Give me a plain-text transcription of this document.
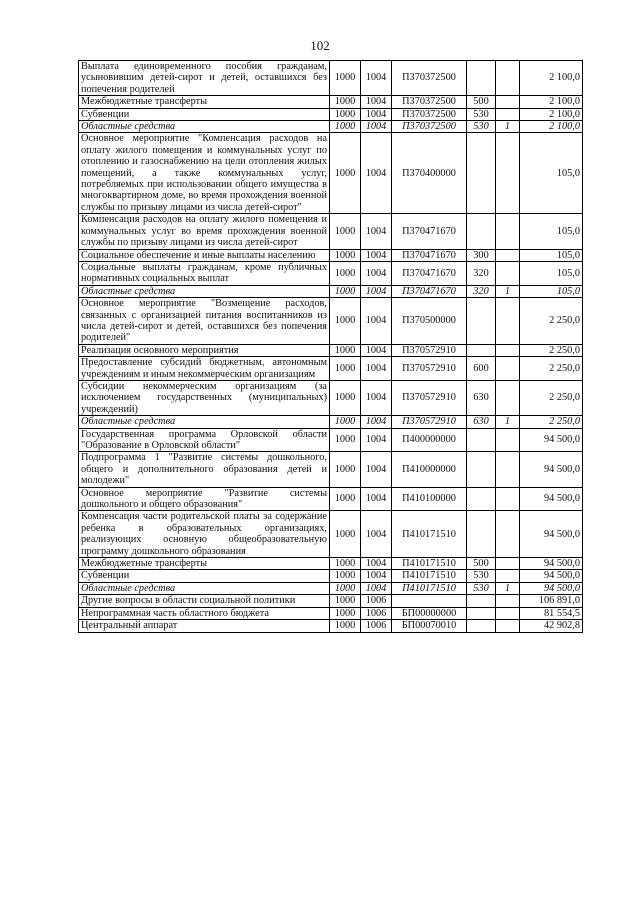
102
Выплата единовременного пособия гражданам, усыновившим детей-сирот и детей, оставшихся без попечения родителей	1000	1004	П370372500			2 100,0
Межбюджетные трансферты	1000	1004	П370372500	500		2 100,0
Субвенции	1000	1004	П370372500	530		2 100,0
Областные средства	1000	1004	П370372500	530	1	2 100,0
Основное мероприятие "Компенсация расходов на оплату жилого помещения и коммунальных услуг по отоплению и газоснабжению на цели отопления жилых помещений, а также коммунальных услуг, потребляемых при использовании общего имущества в многоквартирном доме, во время прохождения военной службы по призыву лицами из числа детей-сирот"	1000	1004	П370400000			105,0
Компенсация расходов на оплату жилого помещения и коммунальных услуг во время прохождения военной службы по призыву лицами из числа детей-сирот	1000	1004	П370471670			105,0
Социальное обеспечение и иные выплаты населению	1000	1004	П370471670	300		105,0
Социальные выплаты гражданам, кроме публичных нормативных социальных выплат	1000	1004	П370471670	320		105,0
Областные средства	1000	1004	П370471670	320	1	105,0
Основное мероприятие "Возмещение расходов, связанных с организацией питания воспитанников из числа детей-сирот и детей, оставшихся без попечения родителей"	1000	1004	П370500000			2 250,0
Реализация основного мероприятия	1000	1004	П370572910			2 250,0
Предоставление субсидий бюджетным, автономным учреждениям и иным некоммерческим организациям	1000	1004	П370572910	600		2 250,0
Субсидии некоммерческим организациям (за исключением государственных (муниципальных) учреждений)	1000	1004	П370572910	630		2 250,0
Областные средства	1000	1004	П370572910	630	1	2 250,0
Государственная программа Орловской области "Образование в Орловской области"	1000	1004	П400000000			94 500,0
Подпрограмма 1 "Развитие системы дошкольного, общего и дополнительного образования детей и молодежи"	1000	1004	П410000000			94 500,0
Основное мероприятие "Развитие системы дошкольного и общего образования"	1000	1004	П410100000			94 500,0
Компенсация части родительской платы за содержание ребенка в образовательных организациях, реализующих основную общеобразовательную программу дошкольного образования	1000	1004	П410171510			94 500,0
Межбюджетные трансферты	1000	1004	П410171510	500		94 500,0
Субвенции	1000	1004	П410171510	530		94 500,0
Областные средства	1000	1004	П410171510	530	1	94 500,0
Другие вопросы в области социальной политики	1000	1006				106 891,0
Непрограммная часть областного бюджета	1000	1006	БП00000000			81 554,5
Центральный аппарат	1000	1006	БП00070010			42 902,8
